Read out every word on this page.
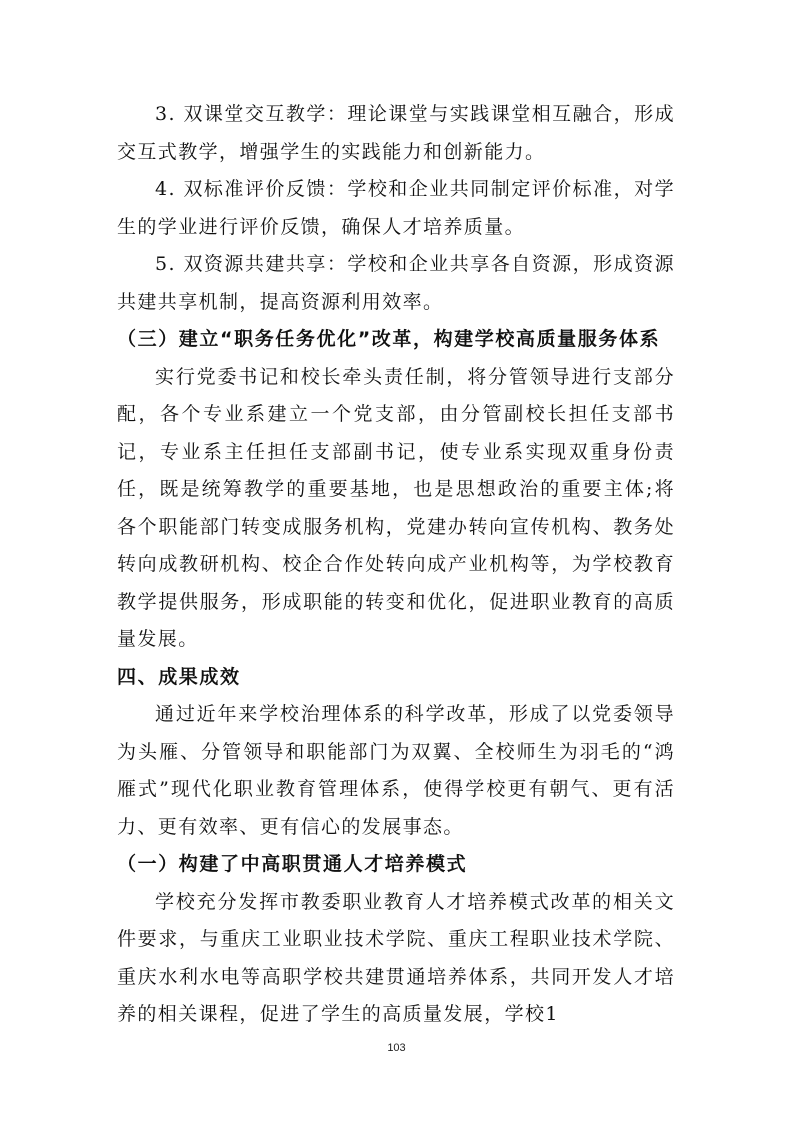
3. 双课堂交互教学：理论课堂与实践课堂相互融合，形成交互式教学，增强学生的实践能力和创新能力。

4. 双标准评价反馈：学校和企业共同制定评价标准，对学生的学业进行评价反馈，确保人才培养质量。

5. 双资源共建共享：学校和企业共享各自资源，形成资源共建共享机制，提高资源利用效率。

（三）建立“职务任务优化”改革，构建学校高质量服务体系

实行党委书记和校长牵头责任制，将分管领导进行支部分配，各个专业系建立一个党支部，由分管副校长担任支部书记，专业系主任担任支部副书记，使专业系实现双重身份责任，既是统筹教学的重要基地，也是思想政治的重要主体;将各个职能部门转变成服务机构，党建办转向宣传机构、教务处转向成教研机构、校企合作处转向成产业机构等，为学校教育教学提供服务，形成职能的转变和优化，促进职业教育的高质量发展。

四、成果成效

通过近年来学校治理体系的科学改革，形成了以党委领导为头雁、分管领导和职能部门为双翼、全校师生为羽毛的“鸿雁式”现代化职业教育管理体系，使得学校更有朝气、更有活力、更有效率、更有信心的发展事态。

（一）构建了中高职贯通人才培养模式

学校充分发挥市教委职业教育人才培养模式改革的相关文件要求，与重庆工业职业技术学院、重庆工程职业技术学院、重庆水利水电等高职学校共建贯通培养体系，共同开发人才培养的相关课程，促进了学生的高质量发展，学校1

103
